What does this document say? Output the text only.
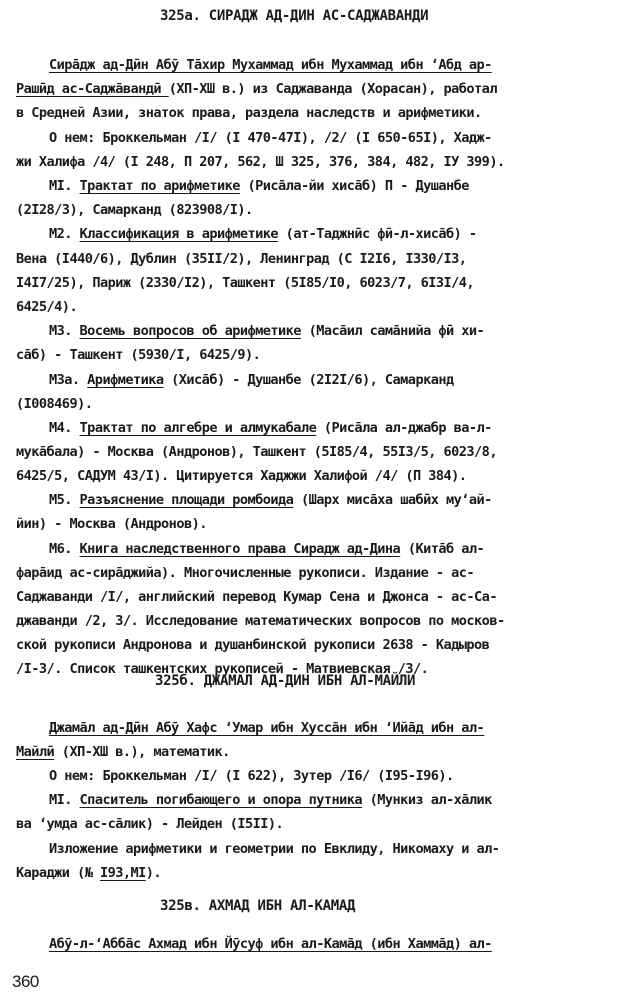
325а. СИРАДЖ АД-ДИН АС-САДЖАВАНДИ
Сиpāдж ад-Дӣн Абӯ Тāхир Мухаммад ибн Мухаммад ибн ʻАбд ар-
Рашӣд ас-Саджāвандӣ (XП-XШ в.) из Саджаванда (Хорасан), работал
в Средней Азии, знаток права, раздела наследств и арифметики.
О нем: Броккельман /I/ (I 470-47I), /2/ (I 650-65I), Хадж-
жи Халифа /4/ (I 248, П 207, 562, Ш 325, 376, 384, 482, IУ 399).
МI. Трактат по арифметике (Рисāла-йи хисāб) П - Душанбе
(2I28/3), Самарканд (823908/I).
М2. Классификация в арифметике (ат-Таджнӣс фӣ-л-хисāб) -
Вена (I440/6), Дублин (35II/2), Ленинград (С I2I6, I330/I3,
I4I7/25), Париж (2330/I2), Ташкент (5I85/I0, 6023/7, 6I3I/4,
6425/4).
М3. Восемь вопросов об арифметике (Масāил самāнийа фӣ хи-
сāб) - Ташкент (5930/I, 6425/9).
М3а. Арифметика (Хисāб) - Душанбе (2I2I/6), Самарканд
(I008469).
М4. Трактат по алгебре и алмукабале (Рисāла ал-джабр ва-л-
мукāбала) - Москва (Андронов), Ташкент (5I85/4, 55I3/5, 6023/8,
6425/5, САДУМ 43/I). Цитируется Хаджжи Халифой /4/ (П 384).
М5. Разъяснение площади ромбоида (Шарх мисāха шабӣх муʻай-
йин) - Москва (Андронов).
М6. Книга наследственного права Сирадж ад-Дина (Китāб ал-
фарāид ас-сирāджийа). Многочисленные рукописи. Издание - ас-
Саджаванди /I/, английский перевод Кумар Сена и Джонса - ас-Са-
джаванди /2, 3/. Исследование математических вопросов по москов-
ской рукописи Андронова и душанбинской рукописи 2638 - Кадыров
/I-3/. Список ташкентских рукописей - Матвиевская /3/.
325б. ДЖАМАЛ АД-ДИН ИБН АЛ-МАЙЛИ
Джамāл ад-Дӣн Абӯ Хафс ʻУмар ибн Хуссāн ибн ʻИйāд ибн ал-
Майлӣ (XП-XШ в.), математик.
О нем: Броккельман /I/ (I 622), Зутер /I6/ (I95-I96).
МI. Спаситель погибающего и опора путника (Мункиз ал-хāлик
ва ʻумда ас-сāлик) - Лейден (I5II).
Изложение арифметики и геометрии по Евклиду, Никомаху и ал-
Караджи (№ I93,МI).
325в. АХМАД ИБН АЛ-КАМАД
Абӯ-л-ʻАббāс Ахмад ибн Йӯсуф ибн ал-Камāд (ибн Хаммāд) ал-
360
